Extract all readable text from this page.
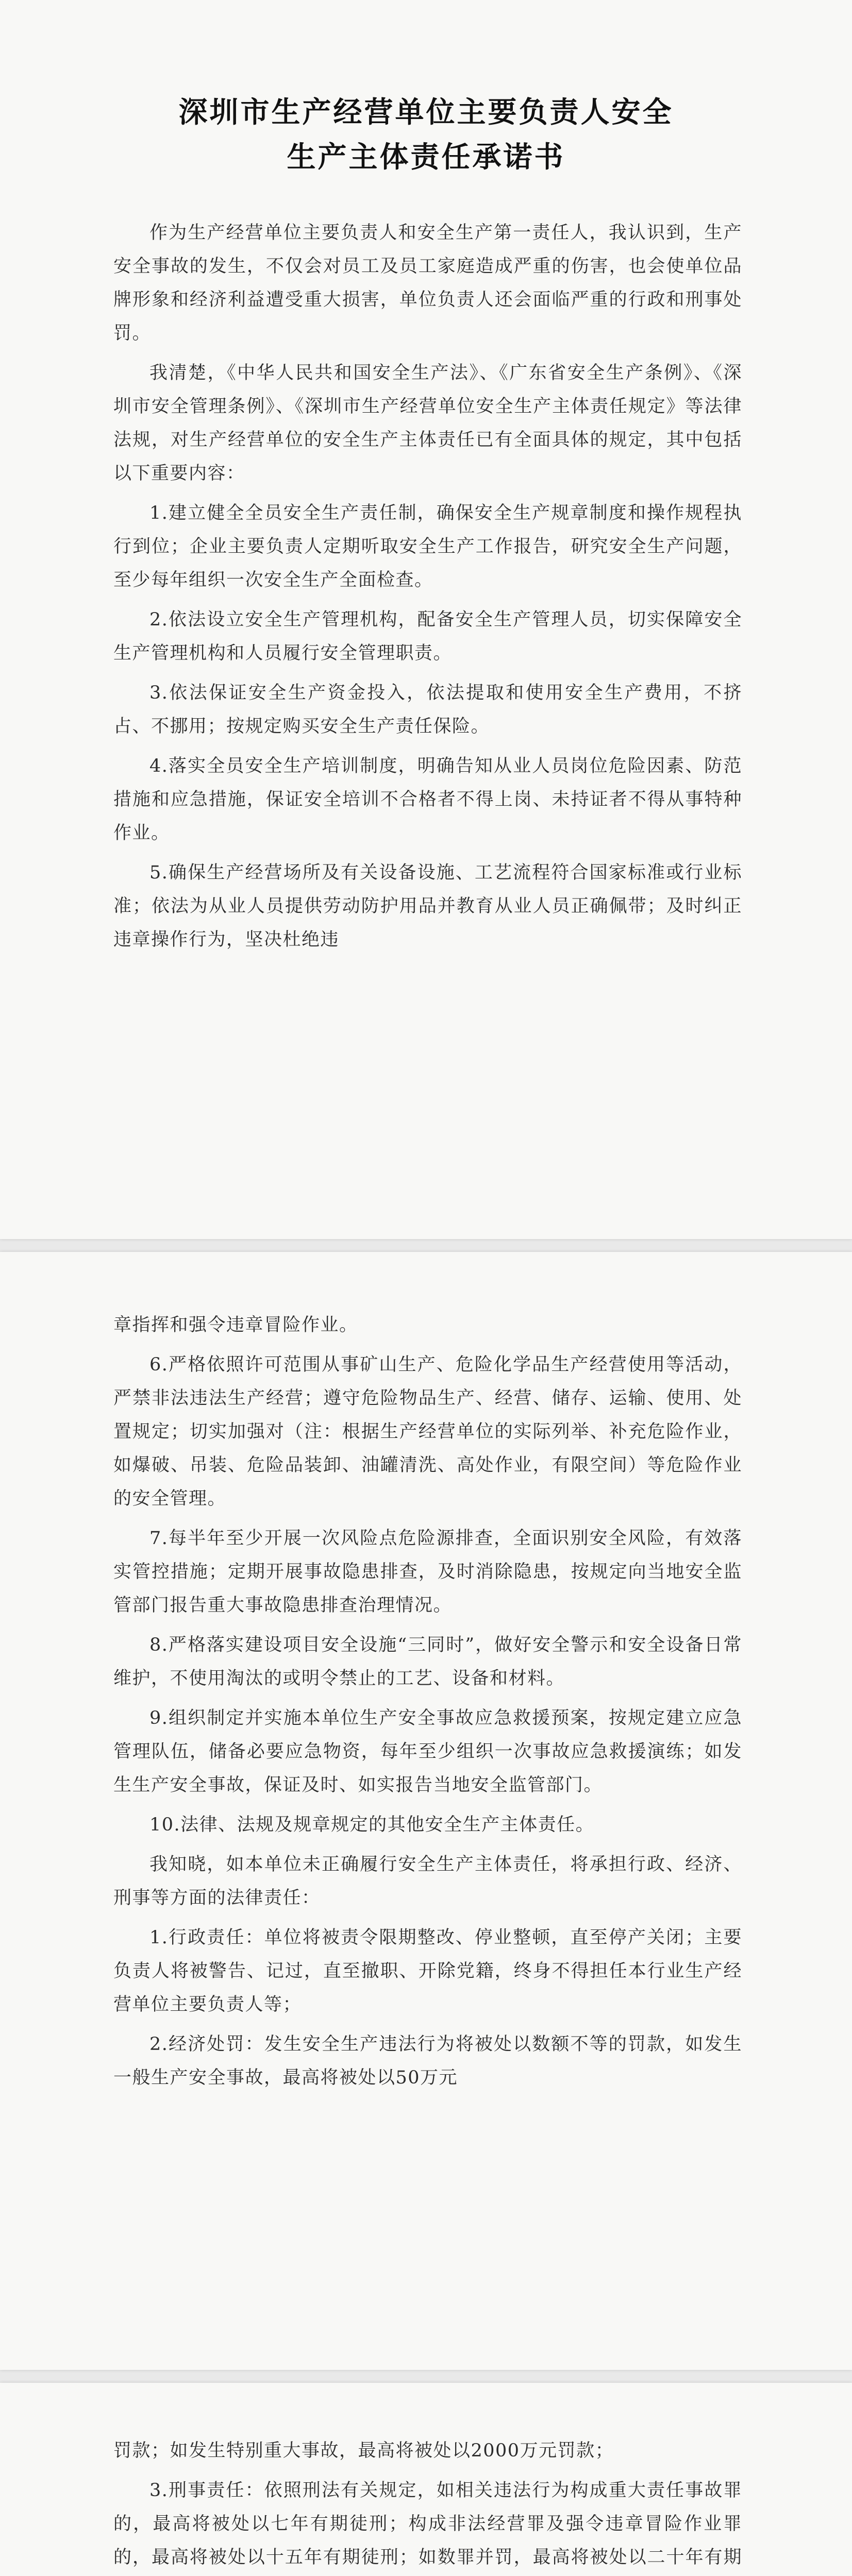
深圳市生产经营单位主要负责人安全
生产主体责任承诺书

作为生产经营单位主要负责人和安全生产第一责任人，我认识到，生产安全事故的发生，不仅会对员工及员工家庭造成严重的伤害，也会使单位品牌形象和经济利益遭受重大损害，单位负责人还会面临严重的行政和刑事处罚。

我清楚，《中华人民共和国安全生产法》、《广东省安全生产条例》、《深圳市安全管理条例》、《深圳市生产经营单位安全生产主体责任规定》等法律法规，对生产经营单位的安全生产主体责任已有全面具体的规定，其中包括以下重要内容：

1.建立健全全员安全生产责任制，确保安全生产规章制度和操作规程执行到位；企业主要负责人定期听取安全生产工作报告，研究安全生产问题，至少每年组织一次安全生产全面检查。

2.依法设立安全生产管理机构，配备安全生产管理人员，切实保障安全生产管理机构和人员履行安全管理职责。

3.依法保证安全生产资金投入，依法提取和使用安全生产费用，不挤占、不挪用；按规定购买安全生产责任保险。

4.落实全员安全生产培训制度，明确告知从业人员岗位危险因素、防范措施和应急措施，保证安全培训不合格者不得上岗、未持证者不得从事特种作业。

5.确保生产经营场所及有关设备设施、工艺流程符合国家标准或行业标准；依法为从业人员提供劳动防护用品并教育从业人员正确佩带；及时纠正违章操作行为，坚决杜绝违

章指挥和强令违章冒险作业。

6.严格依照许可范围从事矿山生产、危险化学品生产经营使用等活动，严禁非法违法生产经营；遵守危险物品生产、经营、储存、运输、使用、处置规定；切实加强对（注：根据生产经营单位的实际列举、补充危险作业，如爆破、吊装、危险品装卸、油罐清洗、高处作业，有限空间）等危险作业的安全管理。

7.每半年至少开展一次风险点危险源排查，全面识别安全风险，有效落实管控措施；定期开展事故隐患排查，及时消除隐患，按规定向当地安全监管部门报告重大事故隐患排查治理情况。

8.严格落实建设项目安全设施“三同时”，做好安全警示和安全设备日常维护，不使用淘汰的或明令禁止的工艺、设备和材料。

9.组织制定并实施本单位生产安全事故应急救援预案，按规定建立应急管理队伍，储备必要应急物资，每年至少组织一次事故应急救援演练；如发生生产安全事故，保证及时、如实报告当地安全监管部门。

10.法律、法规及规章规定的其他安全生产主体责任。

我知晓，如本单位未正确履行安全生产主体责任，将承担行政、经济、刑事等方面的法律责任：

1.行政责任：单位将被责令限期整改、停业整顿，直至停产关闭；主要负责人将被警告、记过，直至撤职、开除党籍，终身不得担任本行业生产经营单位主要负责人等；

2.经济处罚：发生安全生产违法行为将被处以数额不等的罚款，如发生一般生产安全事故，最高将被处以50万元

罚款；如发生特别重大事故，最高将被处以2000万元罚款；

3.刑事责任：依照刑法有关规定，如相关违法行为构成重大责任事故罪的，最高将被处以七年有期徒刑；构成非法经营罪及强令违章冒险作业罪的，最高将被处以十五年有期徒刑；如数罪并罚，最高将被处以二十年有期
